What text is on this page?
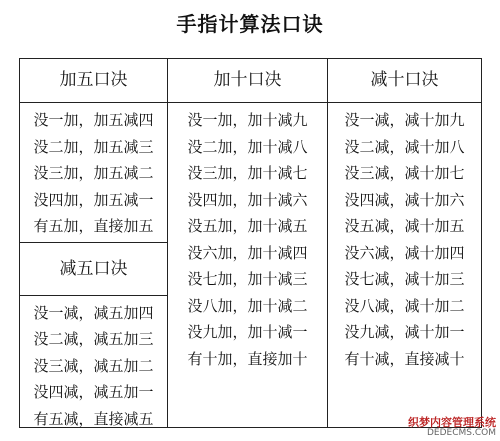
手指计算法口诀
加五口决
没一加，加五减四
没二加，加五减三
没三加，加五减二
没四加，加五减一
有五加，直接加五
减五口决
没一减，减五加四
没二减，减五加三
没三减，减五加二
没四减，减五加一
有五减，直接减五
加十口决
没一加，加十减九
没二加，加十减八
没三加，加十减七
没四加，加十减六
没五加，加十减五
没六加，加十减四
没七加，加十减三
没八加，加十减二
没九加，加十减一
有十加，直接加十
减十口决
没一减，减十加九
没二减，减十加八
没三减，减十加七
没四减，减十加六
没五减，减十加五
没六减，减十加四
没七减，减十加三
没八减，减十加二
没九减，减十加一
有十减，直接减十
织梦内容管理系统
DEDECMS.COM
